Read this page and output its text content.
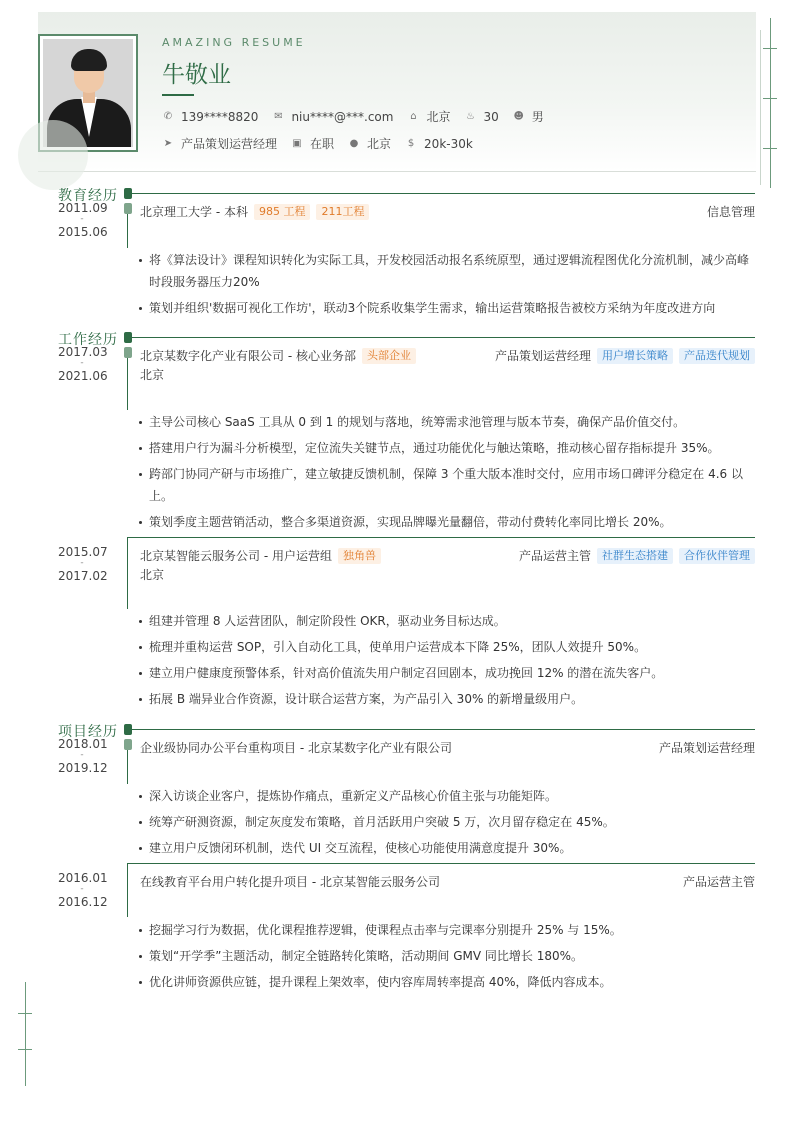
AMAZING RESUME
牛敬业
✆ 139****8820 ✉ niu****@***.com ⌂ 北京 ♨ 30 ☻ 男
➤ 产品策划运营经理 ▣ 在职 ● 北京 $ 20k-30k
教育经历
2011.09
-
2015.06
北京理工大学 - 本科	985 工程	211工程	信息管理
将《算法设计》课程知识转化为实际工具，开发校园活动报名系统原型，通过逻辑流程图优化分流机制，减少高峰时段服务器压力20%
策划并组织'数据可视化工作坊'，联动3个院系收集学生需求，输出运营策略报告被校方采纳为年度改进方向
工作经历
2017.03
-
2021.06
北京某数字化产业有限公司 - 核心业务部	头部企业	产品策划运营经理	用户增长策略	产品迭代规划
北京
主导公司核心 SaaS 工具从 0 到 1 的规划与落地，统筹需求池管理与版本节奏，确保产品价值交付。
搭建用户行为漏斗分析模型，定位流失关键节点，通过功能优化与触达策略，推动核心留存指标提升 35%。
跨部门协同产研与市场推广，建立敏捷反馈机制，保障 3 个重大版本准时交付，应用市场口碑评分稳定在 4.6 以上。
策划季度主题营销活动，整合多渠道资源，实现品牌曝光量翻倍，带动付费转化率同比增长 20%。
2015.07
-
2017.02
北京某智能云服务公司 - 用户运营组	独角兽	产品运营主管	社群生态搭建	合作伙伴管理
北京
组建并管理 8 人运营团队，制定阶段性 OKR，驱动业务目标达成。
梳理并重构运营 SOP，引入自动化工具，使单用户运营成本下降 25%，团队人效提升 50%。
建立用户健康度预警体系，针对高价值流失用户制定召回剧本，成功挽回 12% 的潜在流失客户。
拓展 B 端异业合作资源，设计联合运营方案，为产品引入 30% 的新增量级用户。
项目经历
2018.01
-
2019.12
企业级协同办公平台重构项目 - 北京某数字化产业有限公司	产品策划运营经理
深入访谈企业客户，提炼协作痛点，重新定义产品核心价值主张与功能矩阵。
统筹产研测资源，制定灰度发布策略，首月活跃用户突破 5 万，次月留存稳定在 45%。
建立用户反馈闭环机制，迭代 UI 交互流程，使核心功能使用满意度提升 30%。
2016.01
-
2016.12
在线教育平台用户转化提升项目 - 北京某智能云服务公司	产品运营主管
挖掘学习行为数据，优化课程推荐逻辑，使课程点击率与完课率分别提升 25% 与 15%。
策划“开学季”主题活动，制定全链路转化策略，活动期间 GMV 同比增长 180%。
优化讲师资源供应链，提升课程上架效率，使内容库周转率提高 40%，降低内容成本。
